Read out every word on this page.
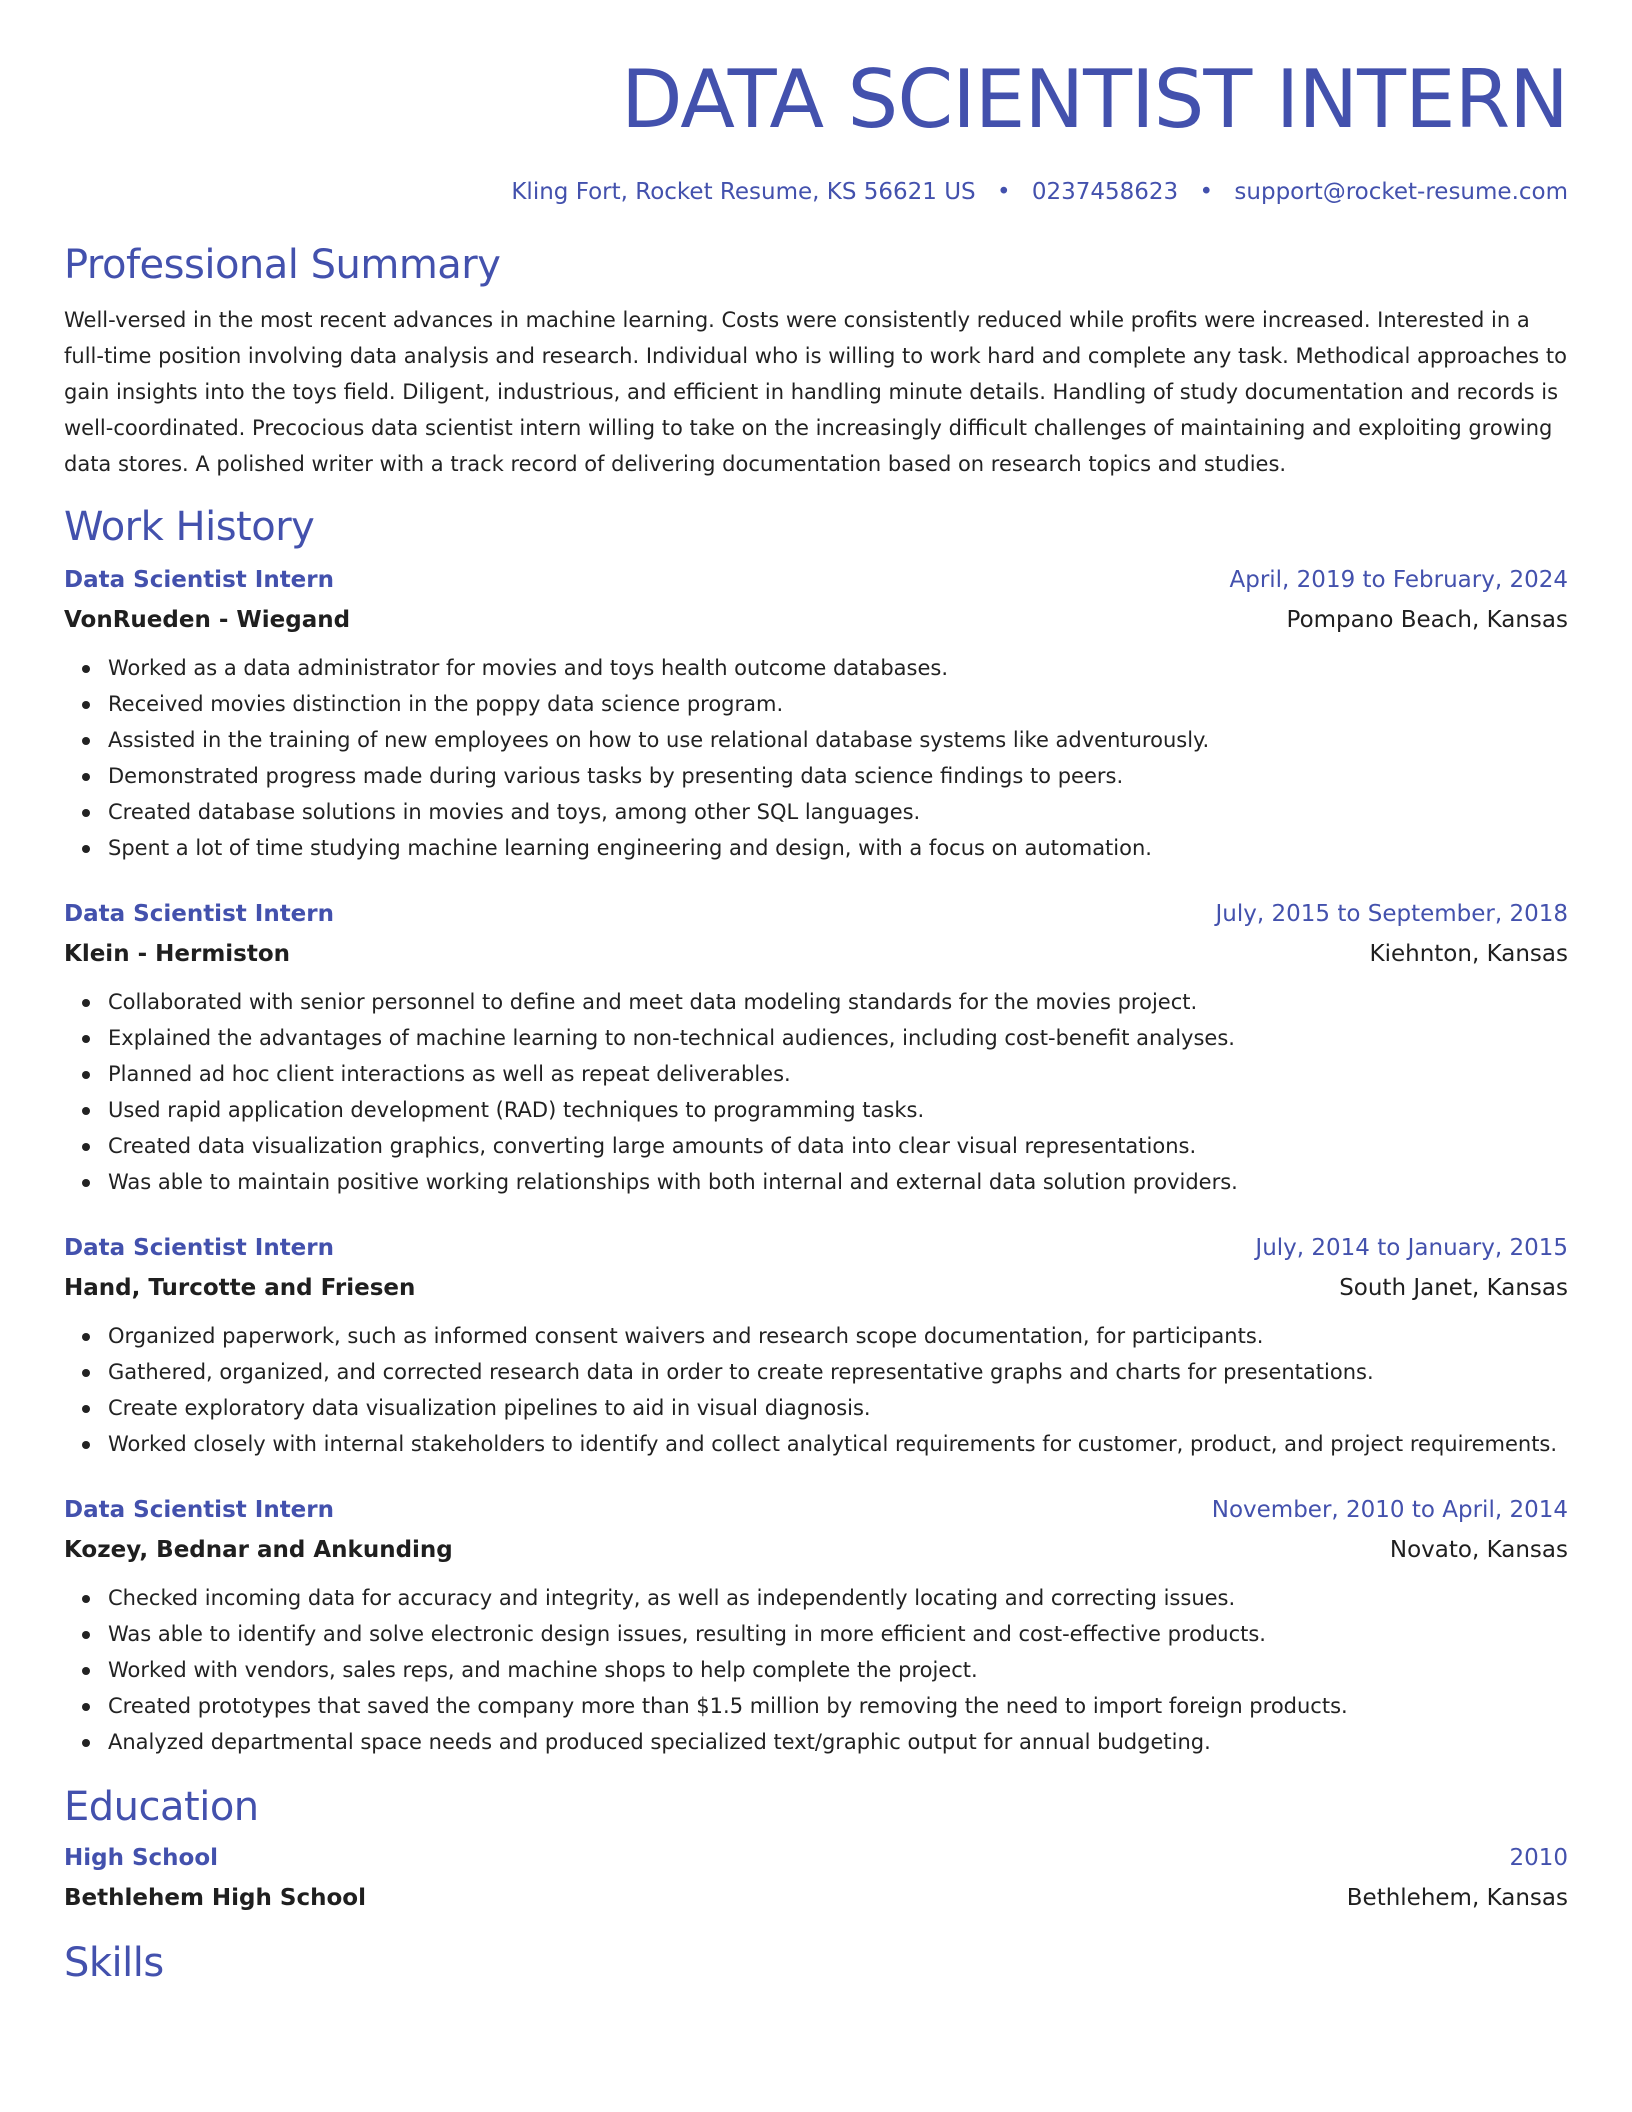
DATA SCIENTIST INTERN
Kling Fort, Rocket Resume, KS 56621 US • 0237458623 • support@rocket-resume.com
Professional Summary

Well-versed in the most recent advances in machine learning. Costs were consistently reduced while profits were increased. Interested in a full-time position involving data analysis and research. Individual who is willing to work hard and complete any task. Methodical approaches to gain insights into the toys field. Diligent, industrious, and efficient in handling minute details. Handling of study documentation and records is well-coordinated. Precocious data scientist intern willing to take on the increasingly difficult challenges of maintaining and exploiting growing data stores. A polished writer with a track record of delivering documentation based on research topics and studies.

Work History
Data Scientist Intern	April, 2019 to February, 2024
VonRueden - Wiegand	Pompano Beach, Kansas
Worked as a data administrator for movies and toys health outcome databases.
Received movies distinction in the poppy data science program.
Assisted in the training of new employees on how to use relational database systems like adventurously.
Demonstrated progress made during various tasks by presenting data science findings to peers.
Created database solutions in movies and toys, among other SQL languages.
Spent a lot of time studying machine learning engineering and design, with a focus on automation.
Data Scientist Intern	July, 2015 to September, 2018
Klein - Hermiston	Kiehnton, Kansas
Collaborated with senior personnel to define and meet data modeling standards for the movies project.
Explained the advantages of machine learning to non-technical audiences, including cost-benefit analyses.
Planned ad hoc client interactions as well as repeat deliverables.
Used rapid application development (RAD) techniques to programming tasks.
Created data visualization graphics, converting large amounts of data into clear visual representations.
Was able to maintain positive working relationships with both internal and external data solution providers.
Data Scientist Intern	July, 2014 to January, 2015
Hand, Turcotte and Friesen	South Janet, Kansas
Organized paperwork, such as informed consent waivers and research scope documentation, for participants.
Gathered, organized, and corrected research data in order to create representative graphs and charts for presentations.
Create exploratory data visualization pipelines to aid in visual diagnosis.
Worked closely with internal stakeholders to identify and collect analytical requirements for customer, product, and project requirements.
Data Scientist Intern	November, 2010 to April, 2014
Kozey, Bednar and Ankunding	Novato, Kansas
Checked incoming data for accuracy and integrity, as well as independently locating and correcting issues.
Was able to identify and solve electronic design issues, resulting in more efficient and cost-effective products.
Worked with vendors, sales reps, and machine shops to help complete the project.
Created prototypes that saved the company more than $1.5 million by removing the need to import foreign products.
Analyzed departmental space needs and produced specialized text/graphic output for annual budgeting.
Education
High School	2010
Bethlehem High School	Bethlehem, Kansas
Skills
